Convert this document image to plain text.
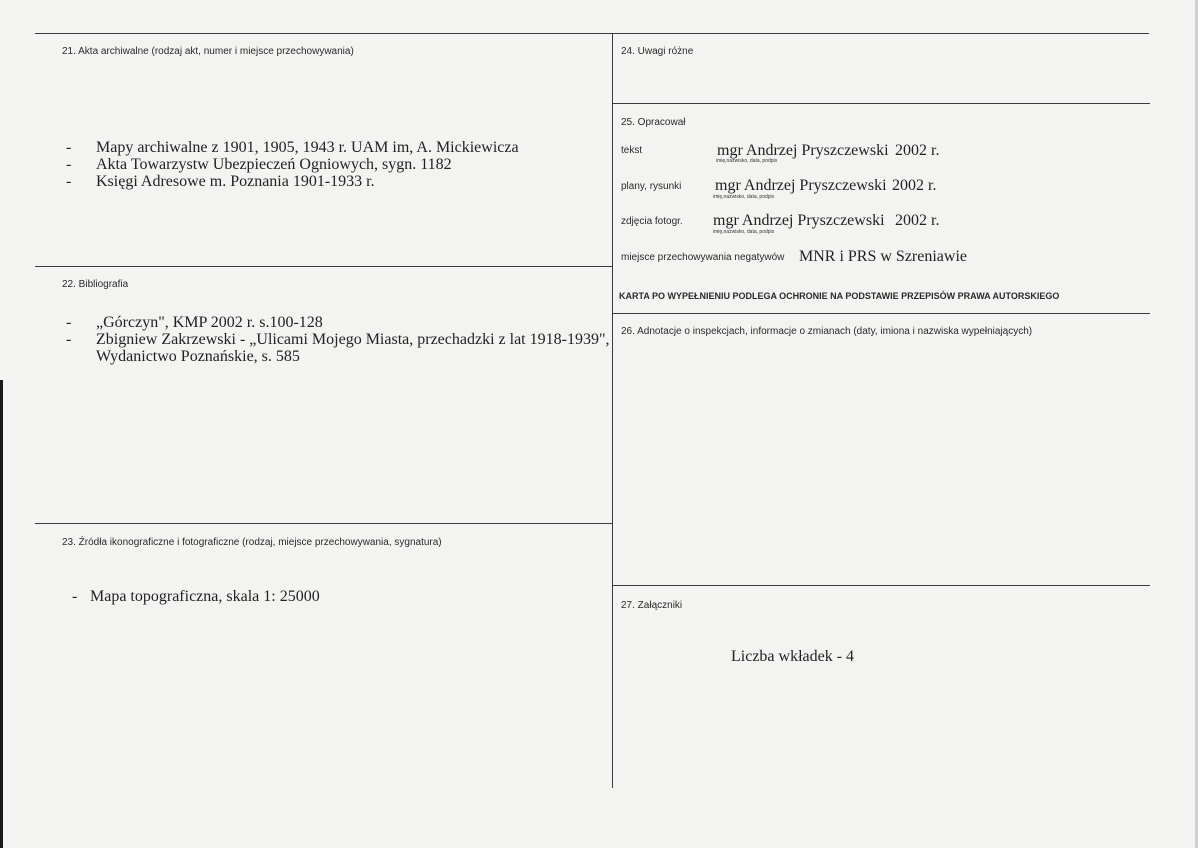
21. Akta archiwalne (rodzaj akt, numer i miejsce przechowywania)
- Mapy archiwalne z 1901, 1905, 1943 r. UAM im, A. Mickiewicza
- Akta Towarzystw Ubezpieczeń Ogniowych, sygn. 1182
- Księgi Adresowe m. Poznania 1901-1933 r.
22. Bibliografia
- „Górczyn", KMP 2002 r. s.100-128
- Zbigniew Zakrzewski - „Ulicami Mojego Miasta, przechadzki z lat 1918-1939",
Wydanictwo Poznańskie, s. 585
23. Źródła ikonograficzne i fotograficzne (rodzaj, miejsce przechowywania, sygnatura)
- Mapa topograficzna, skala 1: 25000
24. Uwagi różne
25. Opracował
tekst	mgr Andrzej Pryszczewski 2002 r.
imię,nazwisko, data, podpis
plany, rysunki mgr Andrzej Pryszczewski 2002 r.
imię,nazwisko, data, podpis
zdjęcia fotogr. mgr Andrzej Pryszczewski 2002 r.
imię,nazwisko, data, podpis
miejsce przechowywania negatywów MNR i PRS w Szreniawie
KARTA PO WYPEŁNIENIU PODLEGA OCHRONIE NA PODSTAWIE PRZEPISÓW PRAWA AUTORSKIEGO
26. Adnotacje o inspekcjach, informacje o zmianach (daty, imiona i nazwiska wypełniających)
27. Załączniki
Liczba wkładek - 4
